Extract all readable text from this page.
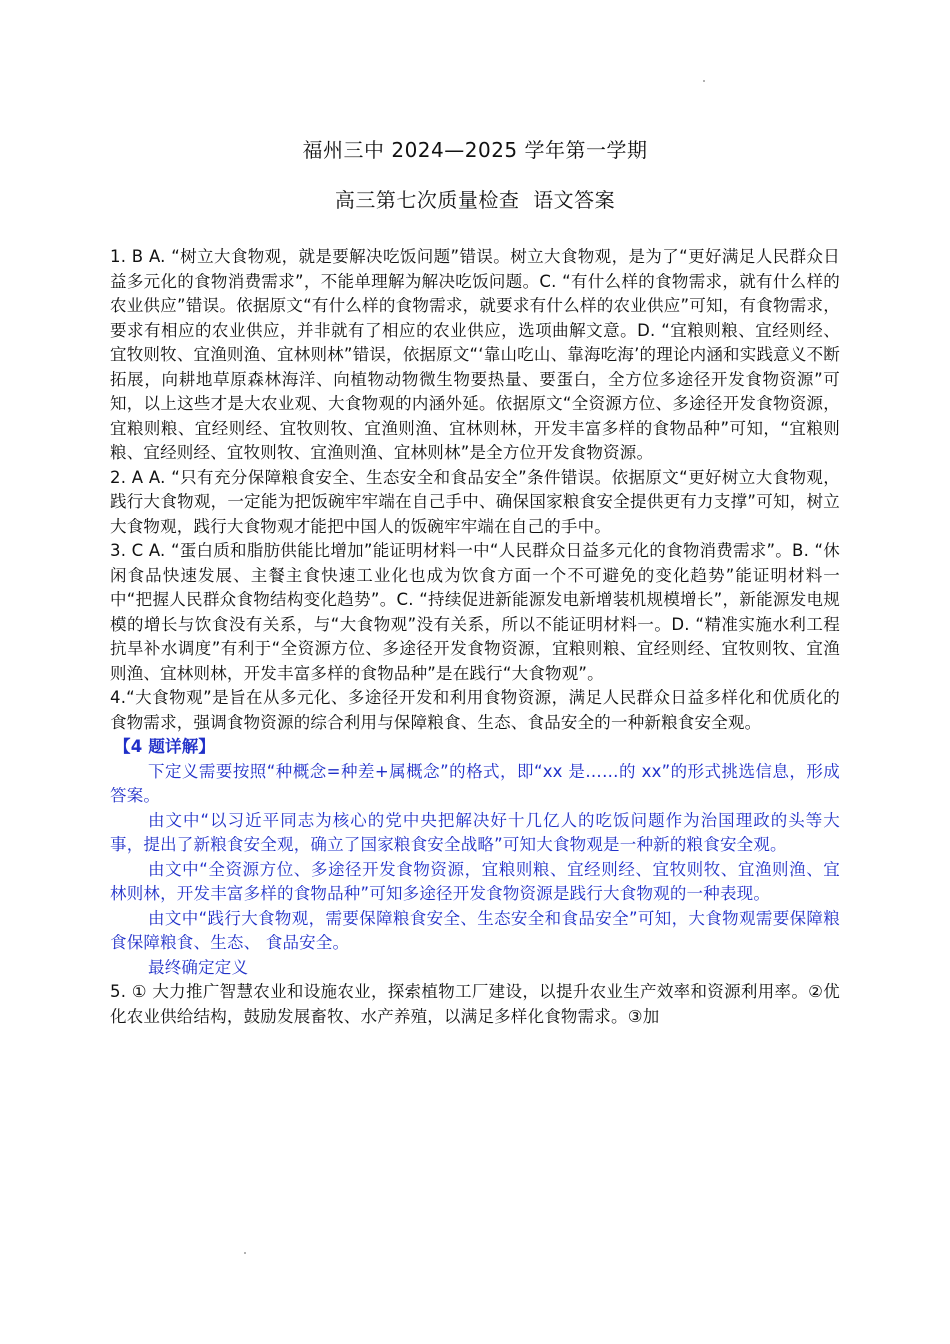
福州三中 2024—2025 学年第一学期
高三第七次质量检查  语文答案

1. B A. “树立大食物观，就是要解决吃饭问题”错误。树立大食物观，是为了“更好满足人民群众日益多元化的食物消费需求”，不能单理解为解决吃饭问题。C. “有什么样的食物需求，就有什么样的农业供应”错误。依据原文“有什么样的食物需求，就要求有什么样的农业供应”可知，有食物需求，要求有相应的农业供应，并非就有了相应的农业供应，选项曲解文意。D. “宜粮则粮、宜经则经、宜牧则牧、宜渔则渔、宜林则林”错误，依据原文“‘靠山吃山、靠海吃海’的理论内涵和实践意义不断拓展，向耕地草原森林海洋、向植物动物微生物要热量、要蛋白，全方位多途径开发食物资源”可知，以上这些才是大农业观、大食物观的内涵外延。依据原文“全资源方位、多途径开发食物资源，宜粮则粮、宜经则经、宜牧则牧、宜渔则渔、宜林则林，开发丰富多样的食物品种”可知，“宜粮则粮、宜经则经、宜牧则牧、宜渔则渔、宜林则林”是全方位开发食物资源。

2. A A. “只有充分保障粮食安全、生态安全和食品安全”条件错误。依据原文“更好树立大食物观，践行大食物观，一定能为把饭碗牢牢端在自己手中、确保国家粮食安全提供更有力支撑”可知，树立大食物观，践行大食物观才能把中国人的饭碗牢牢端在自己的手中。

3. C A. “蛋白质和脂肪供能比增加”能证明材料一中“人民群众日益多元化的食物消费需求”。B. “休闲食品快速发展、主餐主食快速工业化也成为饮食方面一个不可避免的变化趋势”能证明材料一中“把握人民群众食物结构变化趋势”。C. “持续促进新能源发电新增装机规模增长”，新能源发电规模的增长与饮食没有关系，与“大食物观”没有关系，所以不能证明材料一。D. “精准实施水利工程抗旱补水调度”有利于“全资源方位、多途径开发食物资源，宜粮则粮、宜经则经、宜牧则牧、宜渔则渔、宜林则林，开发丰富多样的食物品种”是在践行“大食物观”。

4.“大食物观”是旨在从多元化、多途径开发和利用食物资源，满足人民群众日益多样化和优质化的食物需求，强调食物资源的综合利用与保障粮食、生态、食品安全的一种新粮食安全观。

【4 题详解】

下定义需要按照“种概念=种差+属概念”的格式，即“xx 是……的 xx”的形式挑选信息，形成答案。

由文中“以习近平同志为核心的党中央把解决好十几亿人的吃饭问题作为治国理政的头等大事，提出了新粮食安全观，确立了国家粮食安全战略”可知大食物观是一种新的粮食安全观。

由文中“全资源方位、多途径开发食物资源，宜粮则粮、宜经则经、宜牧则牧、宜渔则渔、宜林则林，开发丰富多样的食物品种”可知多途径开发食物资源是践行大食物观的一种表现。

由文中“践行大食物观，需要保障粮食安全、生态安全和食品安全”可知，大食物观需要保障粮食保障粮食、生态、 食品安全。

最终确定定义

5. ① 大力推广智慧农业和设施农业，探索植物工厂建设，以提升农业生产效率和资源利用率。②优化农业供给结构，鼓励发展畜牧、水产养殖，以满足多样化食物需求。③加
